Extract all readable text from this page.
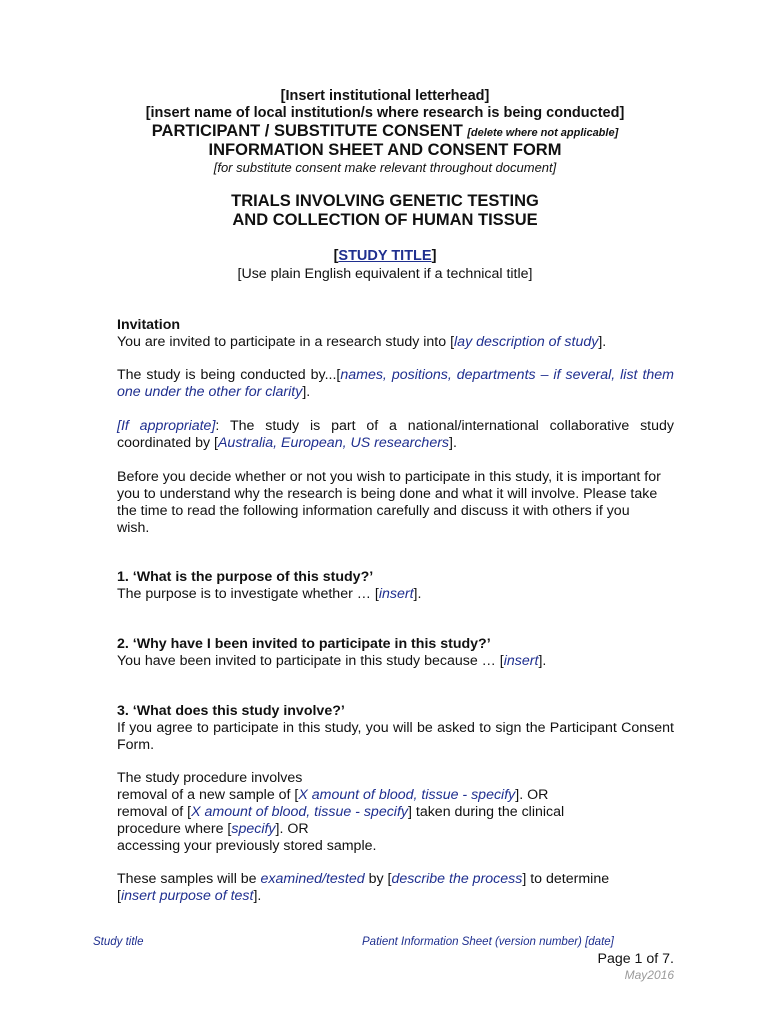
[Insert institutional letterhead]
[insert name of local institution/s where research is being conducted]
PARTICIPANT / SUBSTITUTE CONSENT [delete where not applicable]
INFORMATION SHEET AND CONSENT FORM
[for substitute consent make relevant throughout document]
TRIALS INVOLVING GENETIC TESTING
AND COLLECTION OF HUMAN TISSUE
[STUDY TITLE]
[Use plain English equivalent if a technical title]
Invitation
You are invited to participate in a research study into [lay description of study].
The study is being conducted by...[names, positions, departments – if several, list them one under the other for clarity].
[If appropriate]: The study is part of a national/international collaborative study coordinated by [Australia, European, US researchers].
Before you decide whether or not you wish to participate in this study, it is important for you to understand why the research is being done and what it will involve. Please take the time to read the following information carefully and discuss it with others if you wish.
1. ‘What is the purpose of this study?’
The purpose is to investigate whether … [insert].
2. ‘Why have I been invited to participate in this study?’
You have been invited to participate in this study because … [insert].
3. ‘What does this study involve?’
If you agree to participate in this study, you will be asked to sign the Participant Consent Form.
The study procedure involves
removal of a new sample of [X amount of blood, tissue - specify]. OR
removal of [X amount of blood, tissue - specify] taken during the clinical
procedure where [specify]. OR
accessing your previously stored sample.
These samples will be examined/tested by [describe the process] to determine
[insert purpose of test].
Study title	Patient Information Sheet (version number) [date]
Page 1 of 7.
May2016
